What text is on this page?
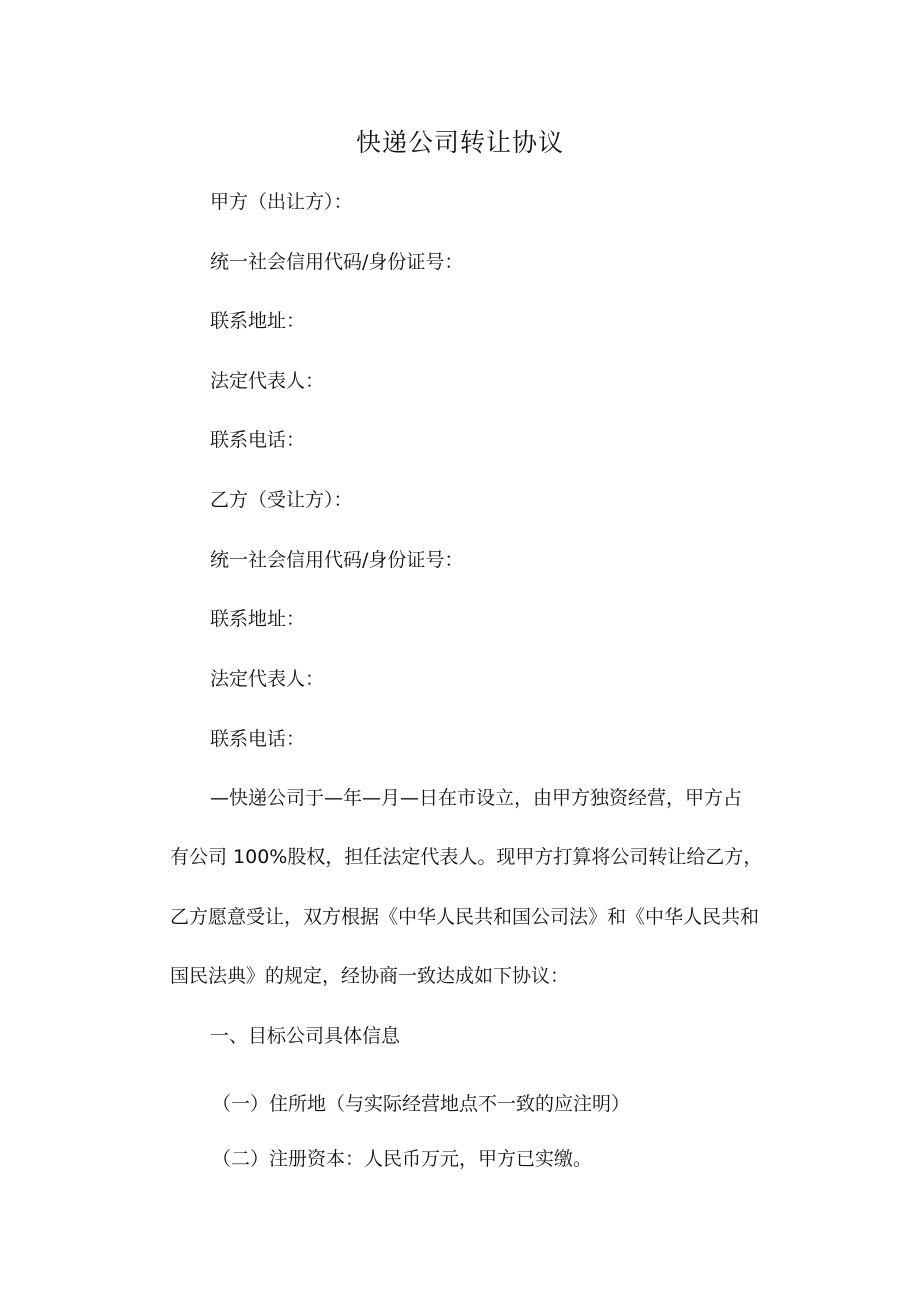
快递公司转让协议
甲方（出让方）：
统一社会信用代码/身份证号：
联系地址：
法定代表人：
联系电话：
乙方（受让方）：
统一社会信用代码/身份证号：
联系地址：
法定代表人：
联系电话：
—快递公司于—年—月—日在市设立，由甲方独资经营，甲方占
有公司 100%股权，担任法定代表人。现甲方打算将公司转让给乙方，
乙方愿意受让，双方根据《中华人民共和国公司法》和《中华人民共和
国民法典》的规定，经协商一致达成如下协议：
一、目标公司具体信息
（一）住所地（与实际经营地点不一致的应注明）
（二）注册资本：人民币万元，甲方已实缴。
